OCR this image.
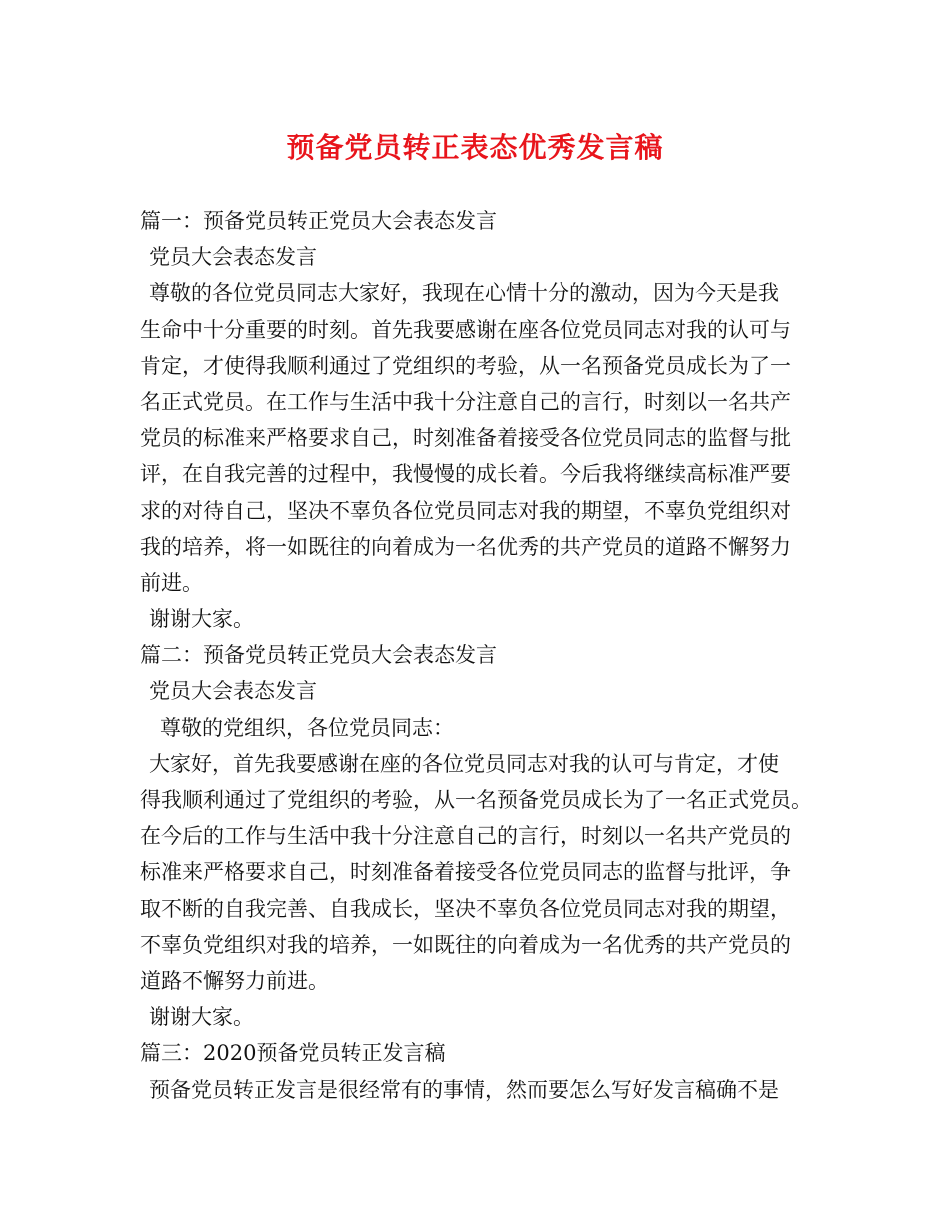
预备党员转正表态优秀发言稿
篇一：预备党员转正党员大会表态发言
党员大会表态发言
尊敬的各位党员同志大家好，我现在心情十分的激动，因为今天是我
生命中十分重要的时刻。首先我要感谢在座各位党员同志对我的认可与
肯定，才使得我顺利通过了党组织的考验，从一名预备党员成长为了一
名正式党员。在工作与生活中我十分注意自己的言行，时刻以一名共产
党员的标准来严格要求自己，时刻准备着接受各位党员同志的监督与批
评，在自我完善的过程中，我慢慢的成长着。今后我将继续高标准严要
求的对待自己，坚决不辜负各位党员同志对我的期望，不辜负党组织对
我的培养，将一如既往的向着成为一名优秀的共产党员的道路不懈努力
前进。
谢谢大家。
篇二：预备党员转正党员大会表态发言
党员大会表态发言
尊敬的党组织，各位党员同志：
大家好，首先我要感谢在座的各位党员同志对我的认可与肯定，才使
得我顺利通过了党组织的考验，从一名预备党员成长为了一名正式党员。
在今后的工作与生活中我十分注意自己的言行，时刻以一名共产党员的
标准来严格要求自己，时刻准备着接受各位党员同志的监督与批评，争
取不断的自我完善、自我成长，坚决不辜负各位党员同志对我的期望，
不辜负党组织对我的培养，一如既往的向着成为一名优秀的共产党员的
道路不懈努力前进。
谢谢大家。
篇三：2020预备党员转正发言稿
预备党员转正发言是很经常有的事情，然而要怎么写好发言稿确不是
